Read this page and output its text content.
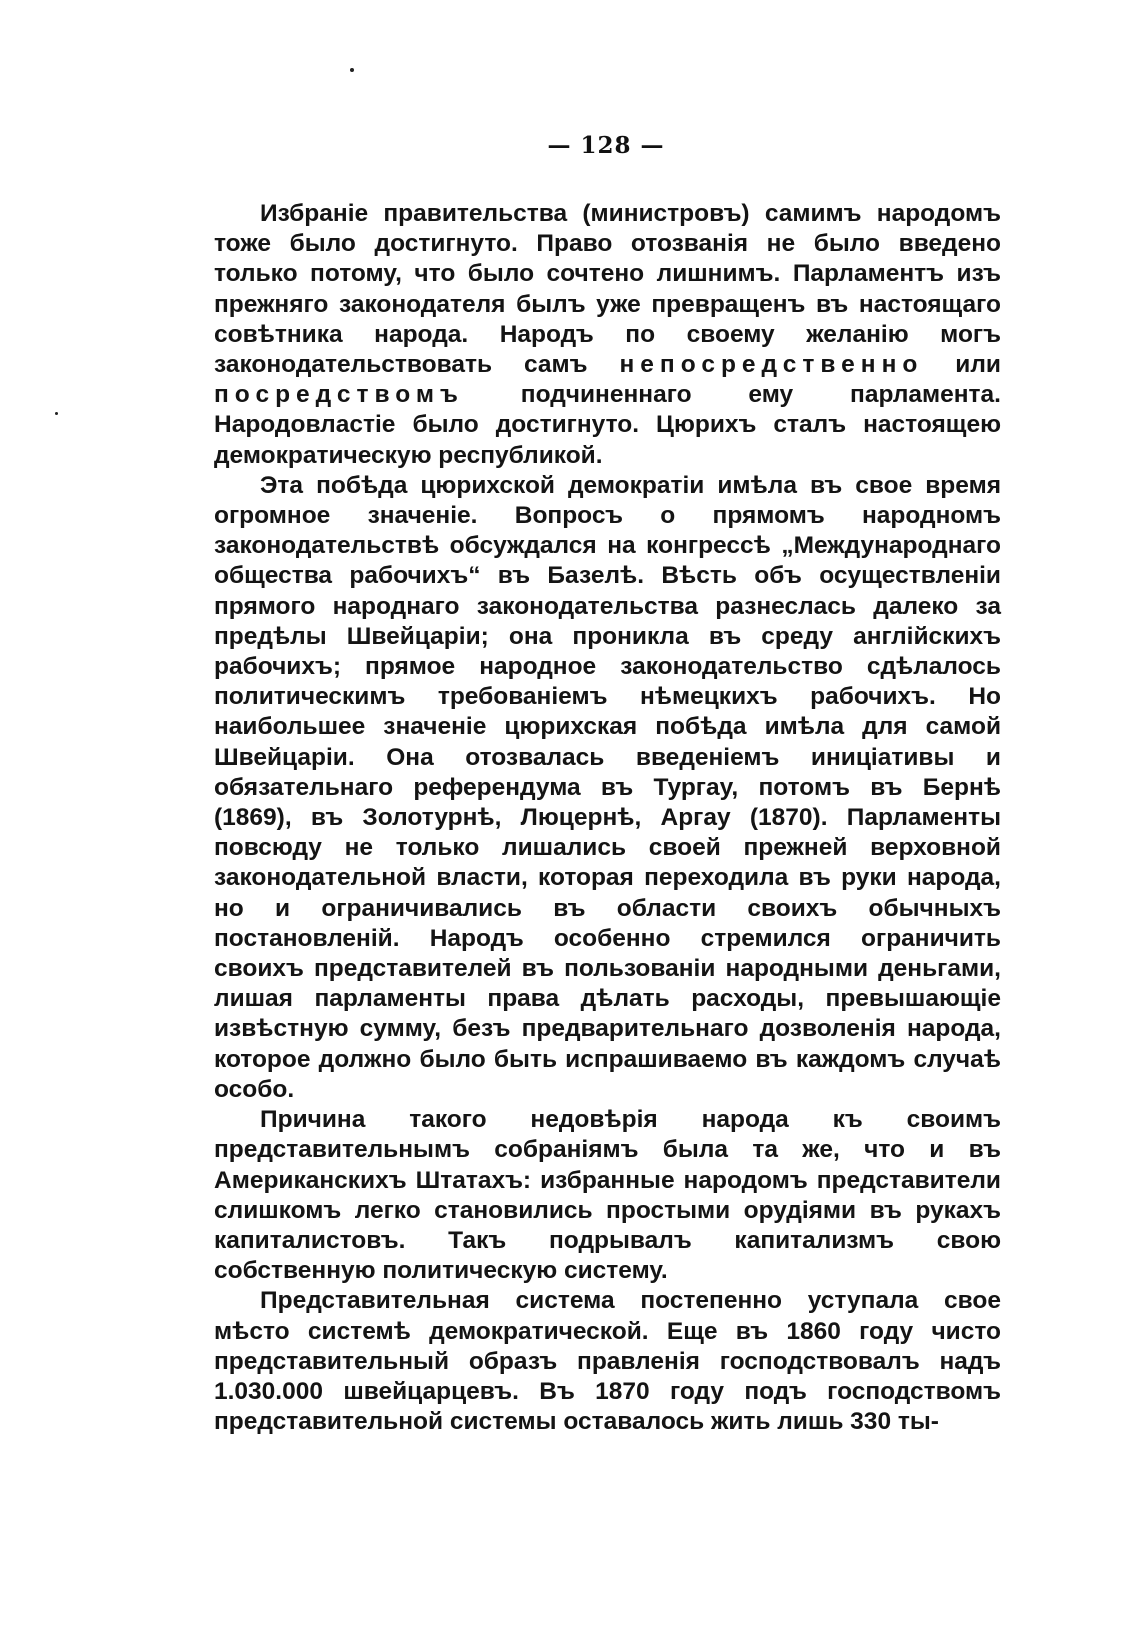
— 128 —

Избраніе правительства (министровъ) самимъ народомъ тоже было достигнуто. Право отозванія не было введено только потому, что было сочтено лишнимъ. Парламентъ изъ прежняго законодателя былъ уже превращенъ въ настоящаго совѣтника народа. Народъ по своему желанію могъ законодательствовать самъ непосредственно или посредствомъ подчиненнаго ему парламента. Народовластіе было достигнуто. Цюрихъ сталъ настоящею демократическую республикой.

Эта побѣда цюрихской демократіи имѣла въ свое время огромное значеніе. Вопросъ о прямомъ народномъ законодательствѣ обсуждался на конгрессѣ „Международнаго общества рабочихъ“ въ Базелѣ. Вѣсть объ осуществленіи прямого народнаго законодательства разнеслась далеко за предѣлы Швейцаріи; она проникла въ среду англійскихъ рабочихъ; прямое народное законодательство сдѣлалось политическимъ требованіемъ нѣмецкихъ рабочихъ. Но наибольшее значеніе цюрихская побѣда имѣла для самой Швейцаріи. Она отозвалась введеніемъ иниціативы и обязательнаго референдума въ Тургау, потомъ въ Бернѣ (1869), въ Золотурнѣ, Люцернѣ, Аргау (1870). Парламенты повсюду не только лишались своей прежней верховной законодательной власти, которая переходила въ руки народа, но и ограничивались въ области своихъ обычныхъ постановленій. Народъ особенно стремился ограничить своихъ представителей въ пользованіи народными деньгами, лишая парламенты права дѣлать расходы, превышающіе извѣстную сумму, безъ предварительнаго дозволенія народа, которое должно было быть испрашиваемо въ каждомъ случаѣ особо.

Причина такого недовѣрія народа къ своимъ представительнымъ собраніямъ была та же, что и въ Американскихъ Штатахъ: избранные народомъ представители слишкомъ легко становились простыми орудіями въ рукахъ капиталистовъ. Такъ подрывалъ капитализмъ свою собственную политическую систему.

Представительная система постепенно уступала свое мѣсто системѣ демократической. Еще въ 1860 году чисто представительный образъ правленія господствовалъ надъ 1.030.000 швейцарцевъ. Въ 1870 году подъ господствомъ представительной системы оставалось жить лишь 330 ты-
